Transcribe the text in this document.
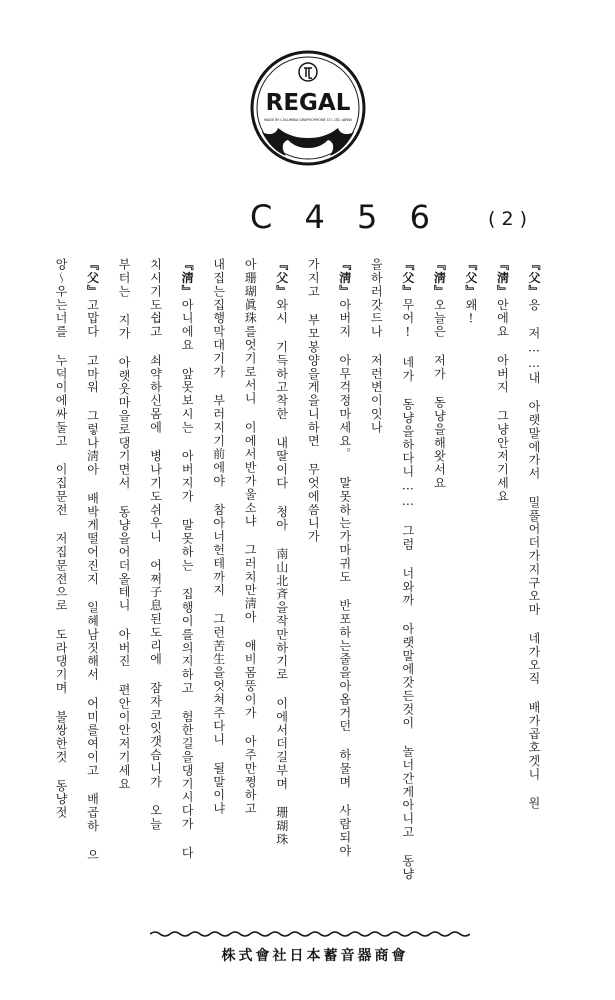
REGAL
MADE BY COLUMBIA GRAPHOPHONE CO. LTD. JAPAN
C 4 5 6 ( 2 )
『父』응 저……내 아랫말에가서 밀풀어더가지구오마 네가오직 배가곱호겟니 원
『淸』안에요 아버지 그냥안저기세요
『父』왜!
『淸』오늘은 저가 동냥을해왓서요
『父』무어! 네가 동냥을하다니…… 그럼 너와까 아랫말에갓든것이 놀너간게아니고 동냥
을하러갓드나 저런변이잇나
『淸』아버지 아무걱정마세요。 말못하는가마귀도 반포하는줄을아옵거던 하물며 사람되야
가지고 부모봉양을게을니하면 무엇에씀니가
『父』와시 기득하고착한 내딸이다 청아 南山北斉을작만하기로 이에서더길부며 珊瑚珠
아珊瑚眞珠를엇기로서니 이에서반가울소냐 그러치만淸아 애비몸뚱이가 아주만쩡하고
내집는집행막대기가 부러지기前에야 참아너헌테까지 그런苦生을엇쳐주다니 될말이냐
『淸』아니에요 앞못보시는 아버지가 말못하는 집행이를의지하고 험한길을댕기시다가 다
치시기도쉽고 쇠약하신몸에 병나기도쉬우니 어쩌子息된도리에 잠자코잇갯슴니가 오늘
부터는 지가 아랫웃마을로댕기면서 동냥을어더올테니 아버진 편안이안저기세요
『父』고맙다 고마워 그렇나淸아 배박게떨어진지 일혜남짓해서 어미를여이고 배곱하 으
앙～우는너를 누덕이에싸둘고 이집문전 저집문전으로 도라댕기며 불쌍한것 동냥젓
株式會社日本蓄音器商會
